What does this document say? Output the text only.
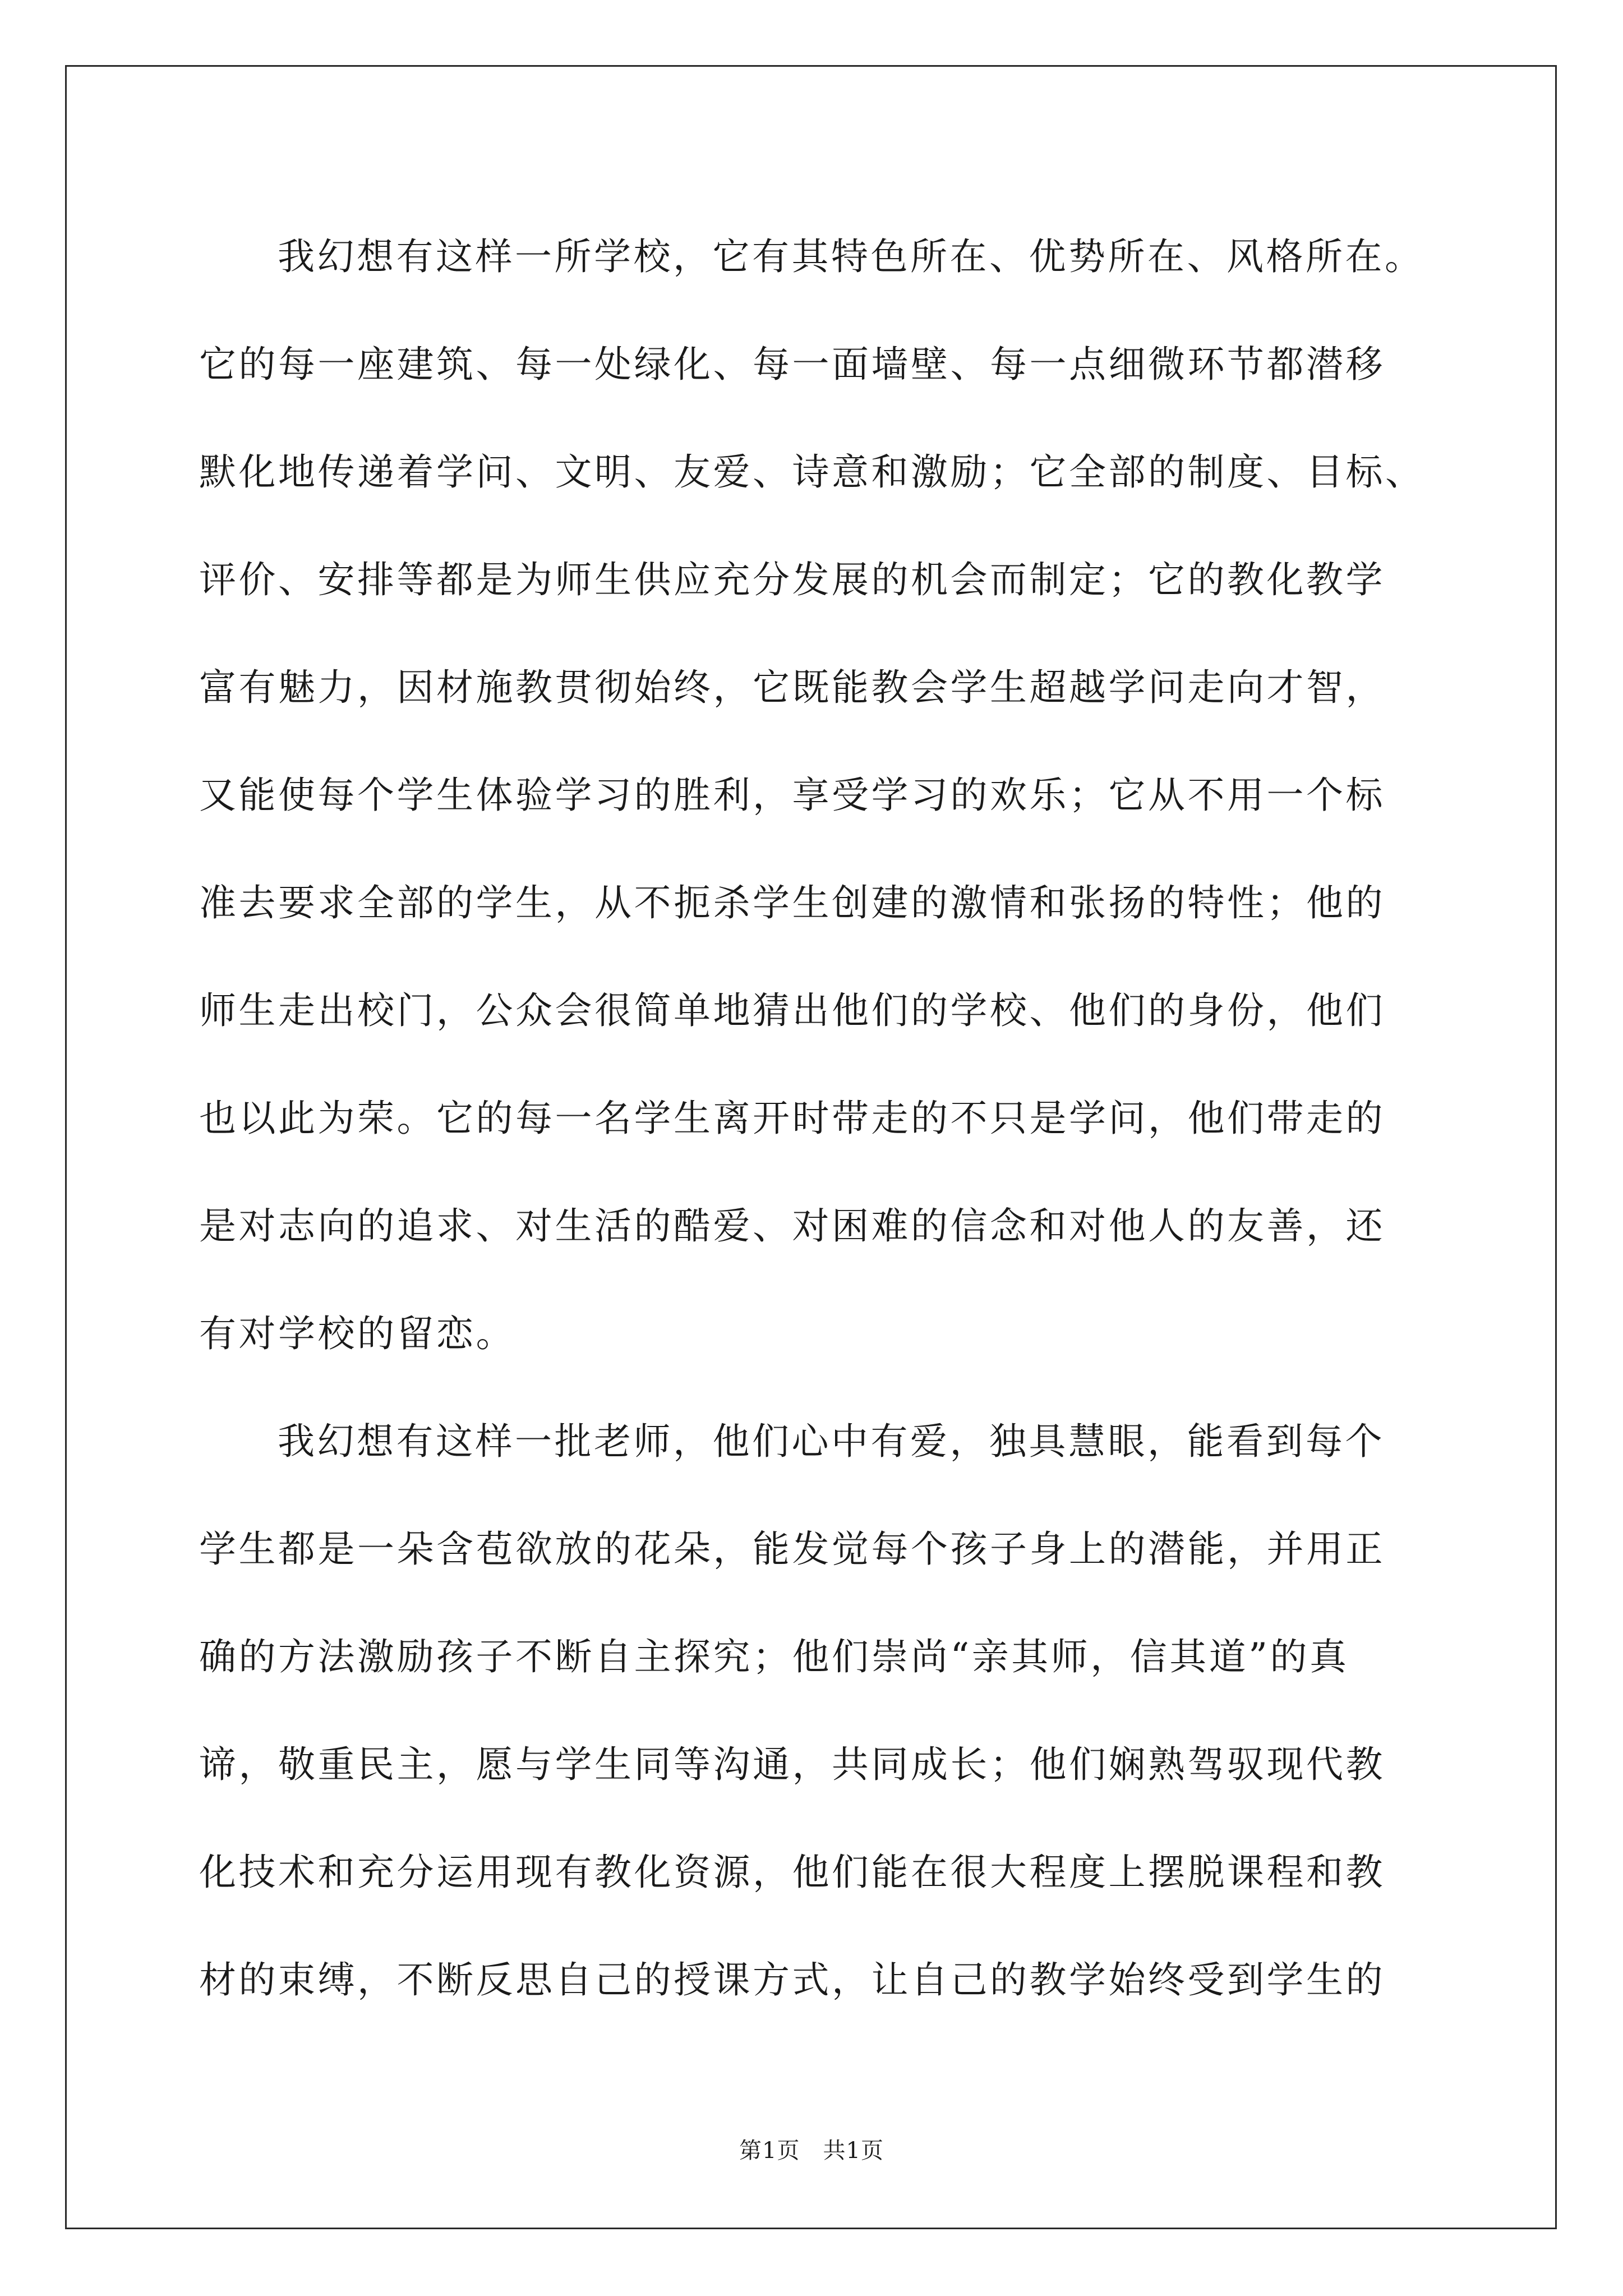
我幻想有这样一所学校，它有其特色所在、优势所在、风格所在。
它的每一座建筑、每一处绿化、每一面墙壁、每一点细微环节都潜移
默化地传递着学问、文明、友爱、诗意和激励；它全部的制度、目标、
评价、安排等都是为师生供应充分发展的机会而制定；它的教化教学
富有魅力，因材施教贯彻始终，它既能教会学生超越学问走向才智，
又能使每个学生体验学习的胜利，享受学习的欢乐；它从不用一个标
准去要求全部的学生，从不扼杀学生创建的激情和张扬的特性；他的
师生走出校门，公众会很简单地猜出他们的学校、他们的身份，他们
也以此为荣。它的每一名学生离开时带走的不只是学问，他们带走的
是对志向的追求、对生活的酷爱、对困难的信念和对他人的友善，还
有对学校的留恋。
我幻想有这样一批老师，他们心中有爱，独具慧眼，能看到每个
学生都是一朵含苞欲放的花朵，能发觉每个孩子身上的潜能，并用正
确的方法激励孩子不断自主探究；他们崇尚“亲其师，信其道”的真
谛，敬重民主，愿与学生同等沟通，共同成长；他们娴熟驾驭现代教
化技术和充分运用现有教化资源，他们能在很大程度上摆脱课程和教
材的束缚，不断反思自己的授课方式，让自己的教学始终受到学生的
第1页　共1页
